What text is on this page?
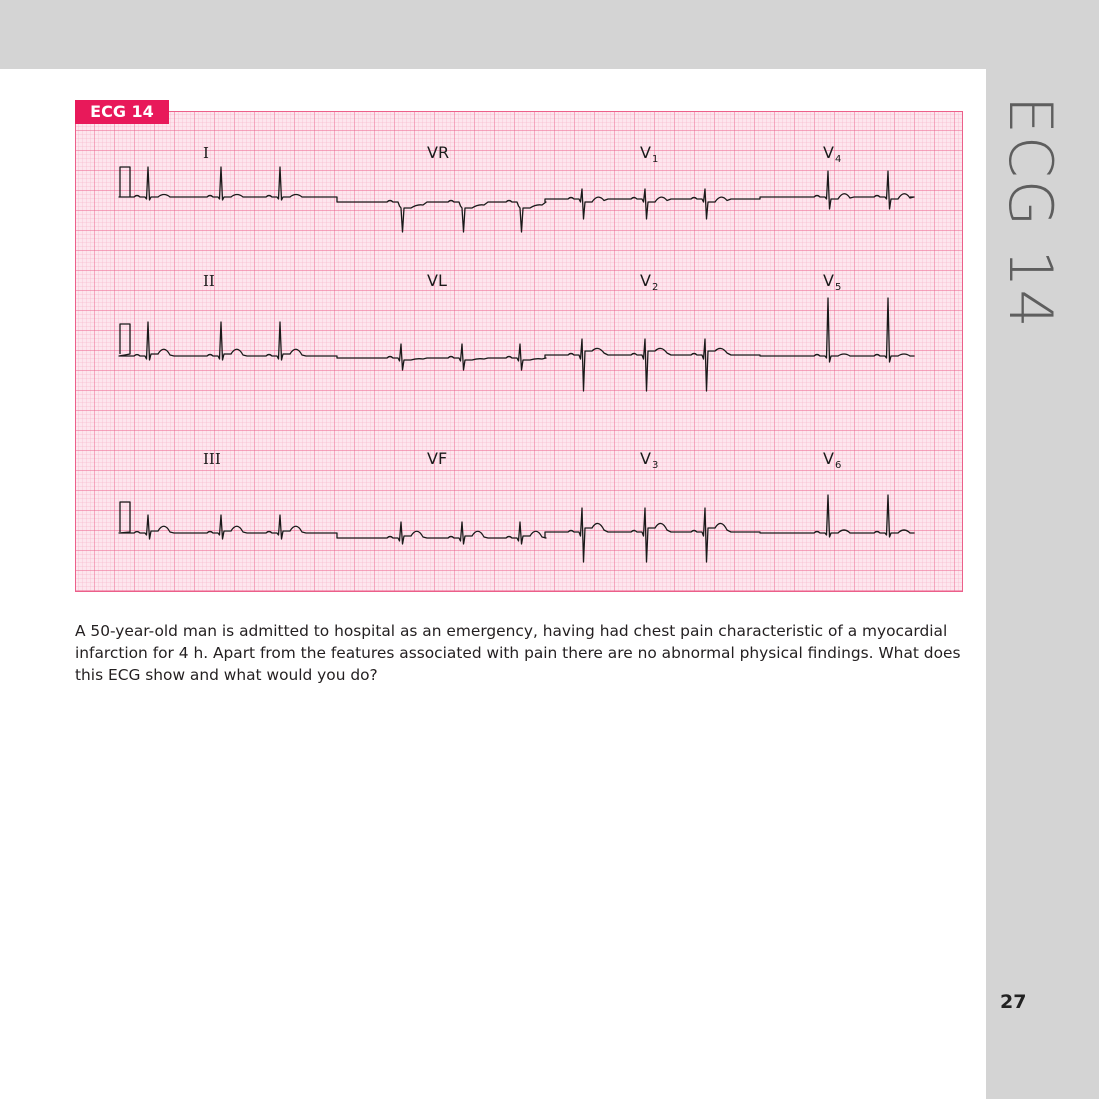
ECG 14
I	VR	$V_1$	$V_4$
II	VL	$V_2$	$V_5$
III	VF	$V_3$	$V_6$
ECG 14

A 50-year-old man is admitted to hospital as an emergency, having had chest pain characteristic of a myocardial infarction for 4 h. Apart from the features associated with pain there are no abnormal physical findings. What does this ECG show and what would you do?

27
